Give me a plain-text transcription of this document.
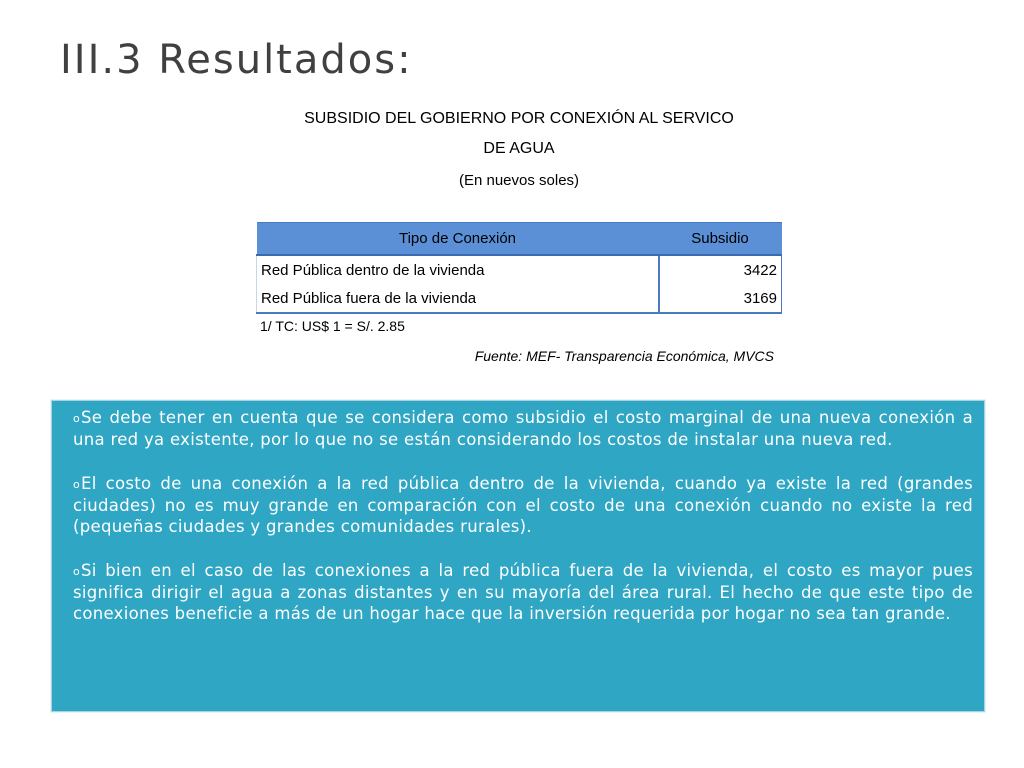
III.3 Resultados:
SUBSIDIO DEL GOBIERNO POR CONEXIÓN AL SERVICO
DE AGUA
(En nuevos soles)
Tipo de Conexión	Subsidio
Red Pública dentro de la vivienda	3422
Red Pública fuera de la vivienda	3169
1/ TC: US$ 1 = S/. 2.85
Fuente: MEF- Transparencia Económica, MVCS

oSe debe tener en cuenta que se considera como subsidio el costo marginal de una nueva conexión a una red ya existente, por lo que no se están considerando los costos de instalar una nueva red.

oEl costo de una conexión a la red pública dentro de la vivienda, cuando ya existe la red (grandes ciudades) no es muy grande en comparación con el costo de una conexión cuando no existe la red (pequeñas ciudades y grandes comunidades rurales).

oSi bien en el caso de las conexiones a la red pública fuera de la vivienda, el costo es mayor pues significa dirigir el agua a zonas distantes y en su mayoría del área rural. El hecho de que este tipo de conexiones beneficie a más de un hogar hace que la inversión requerida por hogar no sea tan grande.
